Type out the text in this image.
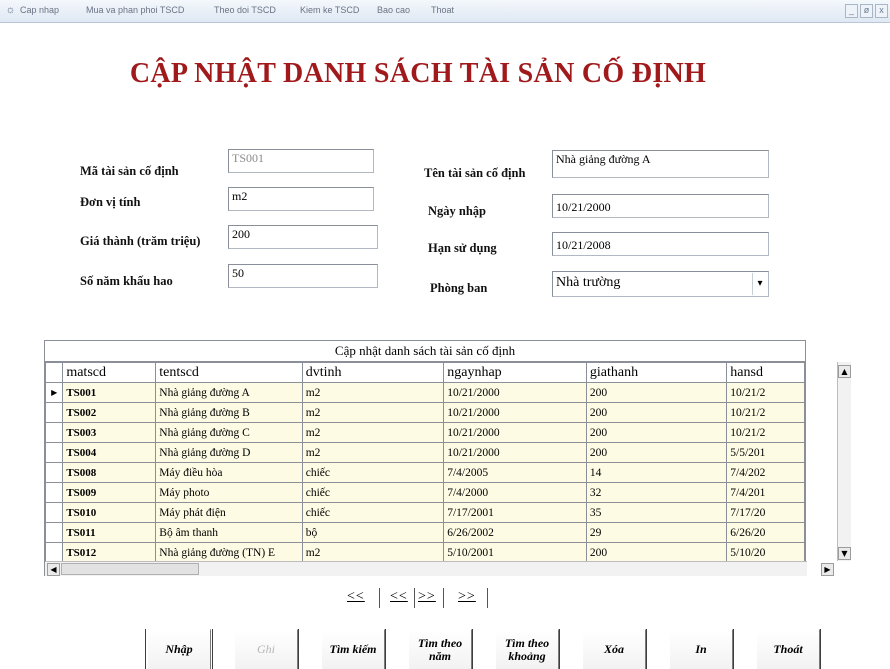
☼ Cap nhap	Mua va phan phoi TSCD	Theo doi TSCD	Kiem ke TSCD Bao cao Thoat	_	ø	x
CẬP NHẬT DANH SÁCH TÀI SẢN CỐ ĐỊNH
Mã tài sản cố định
TS001
Đơn vị tính	m2
Giá thành (trăm triệu)	200
Số năm khấu hao
50
Tên tài sản cố định
Nhà giảng đường A
Ngày nhập	10/21/2000
Hạn sử dụng	10/21/2008
Phòng ban	Nhà trường	▾
Cập nhật danh sách tài sản cố định
	matscd	tentscd	dvtinh	ngaynhap	giathanh	hansd
▶	TS001	Nhà giảng đường A	m2	10/21/2000	200	10/21/2
	TS002	Nhà giảng đường B	m2	10/21/2000	200	10/21/2
	TS003	Nhà giảng đường C	m2	10/21/2000	200	10/21/2
	TS004	Nhà giảng đường D	m2	10/21/2000	200	5/5/201
	TS008	Máy điều hòa	chiếc	7/4/2005	14	7/4/202
	TS009	Máy photo	chiếc	7/4/2000	32	7/4/201
	TS010	Máy phát điện	chiếc	7/17/2001	35	7/17/20
	TS011	Bộ âm thanh	bộ	6/26/2002	29	6/26/20
	TS012	Nhà giảng đường (TN) E	m2	5/10/2001	200	5/10/20
▲
▼
◀	▶
<< << >> >>
Nhập	Ghi	Tìm kiếm	Tìm theo năm
Tìm theo khoảng	Xóa	In	Thoát
